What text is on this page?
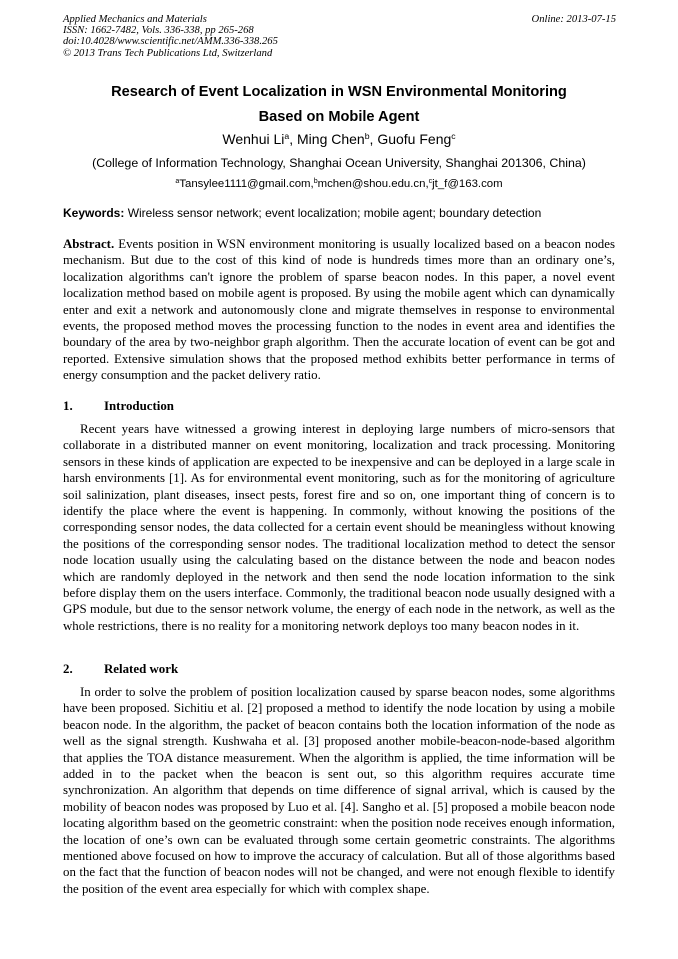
Applied Mechanics and Materials
ISSN: 1662-7482, Vols. 336-338, pp 265-268
doi:10.4028/www.scientific.net/AMM.336-338.265
© 2013 Trans Tech Publications Ltd, Switzerland
Online: 2013-07-15
Research of Event Localization in WSN Environmental Monitoring
Based on Mobile Agent
Wenhui Li$^a$, Ming Chen$^b$, Guofu Feng$^c$
(College of Information Technology, Shanghai Ocean University, Shanghai 201306, China)
$^a$Tansylee1111@gmail.com,$^b$mchen@shou.edu.cn,$^c$jt_f@163.com
Keywords: Wireless sensor network; event localization; mobile agent; boundary detection
Abstract. Events position in WSN environment monitoring is usually localized based on a beacon nodes mechanism. But due to the cost of this kind of node is hundreds times more than an ordinary one’s, localization algorithms can't ignore the problem of sparse beacon nodes. In this paper, a novel event localization method based on mobile agent is proposed. By using the mobile agent which can dynamically enter and exit a network and autonomously clone and migrate themselves in response to environmental events, the proposed method moves the processing function to the nodes in event area and identifies the boundary of the area by two-neighbor graph algorithm. Then the accurate location of event can be got and reported. Extensive simulation shows that the proposed method exhibits better performance in terms of energy consumption and the packet delivery ratio.
1. Introduction
Recent years have witnessed a growing interest in deploying large numbers of micro-sensors that collaborate in a distributed manner on event monitoring, localization and track processing. Monitoring sensors in these kinds of application are expected to be inexpensive and can be deployed in a large scale in harsh environments [1]. As for environmental event monitoring, such as for the monitoring of agriculture soil salinization, plant diseases, insect pests, forest fire and so on, one important thing of concern is to identify the place where the event is happening. In commonly, without knowing the positions of the corresponding sensor nodes, the data collected for a certain event should be meaningless without knowing the positions of the corresponding sensor nodes. The traditional localization method to detect the sensor node location usually using the calculating based on the distance between the node and beacon nodes which are randomly deployed in the network and then send the node location information to the sink before display them on the users interface. Commonly, the traditional beacon node usually designed with a GPS module, but due to the sensor network volume, the energy of each node in the network, as well as the whole restrictions, there is no reality for a monitoring network deploys too many beacon nodes in it.
2. Related work
In order to solve the problem of position localization caused by sparse beacon nodes, some algorithms have been proposed. Sichitiu et al. [2] proposed a method to identify the node location by using a mobile beacon node. In the algorithm, the packet of beacon contains both the location information of the node as well as the signal strength. Kushwaha et al. [3] proposed another mobile-beacon-node-based algorithm that applies the TOA distance measurement. When the algorithm is applied, the time information will be added in to the packet when the beacon is sent out, so this algorithm requires accurate time synchronization. An algorithm that depends on time difference of signal arrival, which is caused by the mobility of beacon nodes was proposed by Luo et al. [4]. Sangho et al. [5] proposed a mobile beacon node locating algorithm based on the geometric constraint: when the position node receives enough information, the location of one’s own can be evaluated through some certain geometric constraints. The algorithms mentioned above focused on how to improve the accuracy of calculation. But all of those algorithms based on the fact that the function of beacon nodes will not be changed, and were not enough flexible to identify the position of the event area especially for which with complex shape.
